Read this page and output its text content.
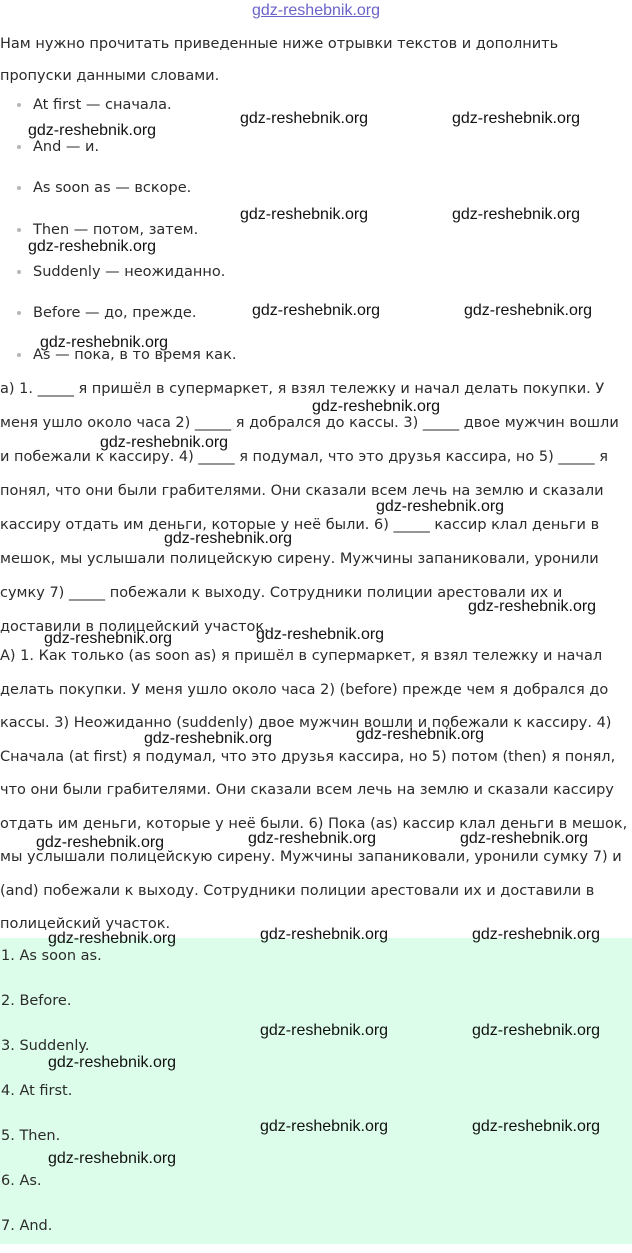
gdz-reshebnik.org

Нам нужно прочитать приведенные ниже отрывки текстов и дополнить пропуски данными словами.

At first — сначала.
And — и.
As soon as — вскоре.
Then — потом, затем.
Suddenly — неожиданно.
Before — до, прежде.
As — пока, в то время как.

а) 1. _____ я пришёл в супермаркет, я взял тележку и начал делать покупки. У меня ушло около часа 2) _____ я добрался до кассы. 3) _____ двое мужчин вошли и побежали к кассиру. 4) _____ я подумал, что это друзья кассира, но 5) _____ я понял, что они были грабителями. Они сказали всем лечь на землю и сказали кассиру отдать им деньги, которые у неё были. 6) _____ кассир клал деньги в мешок, мы услышали полицейскую сирену. Мужчины запаниковали, уронили сумку 7) _____ побежали к выходу. Сотрудники полиции арестовали их и доставили в полицейский участок.

А) 1. Как только (as soon as) я пришёл в супермаркет, я взял тележку и начал делать покупки. У меня ушло около часа 2) (before) прежде чем я добрался до кассы. 3) Неожиданно (suddenly) двое мужчин вошли и побежали к кассиру. 4) Сначала (at first) я подумал, что это друзья кассира, но 5) потом (then) я понял, что они были грабителями. Они сказали всем лечь на землю и сказали кассиру отдать им деньги, которые у неё были. 6) Пока (as) кассир клал деньги в мешок, мы услышали полицейскую сирену. Мужчины запаниковали, уронили сумку 7) и (and) побежали к выходу. Сотрудники полиции арестовали их и доставили в полицейский участок.

1. As soon as.
2. Before.
3. Suddenly.
4. At first.
5. Then.
6. As.
7. And.
gdz-reshebnik.org
gdz-reshebnik.org	gdz-reshebnik.org
gdz-reshebnik.org
gdz-reshebnik.org	gdz-reshebnik.org
gdz-reshebnik.org	gdz-reshebnik.org
gdz-reshebnik.org
gdz-reshebnik.org
gdz-reshebnik.org
gdz-reshebnik.org
gdz-reshebnik.org
gdz-reshebnik.org
gdz-reshebnik.org	gdz-reshebnik.org
gdz-reshebnik.org
gdz-reshebnik.org
gdz-reshebnik.org	gdz-reshebnik.org	gdz-reshebnik.org
gdz-reshebnik.org	gdz-reshebnik.org	gdz-reshebnik.org
gdz-reshebnik.org	gdz-reshebnik.org
gdz-reshebnik.org
gdz-reshebnik.org	gdz-reshebnik.org
gdz-reshebnik.org
